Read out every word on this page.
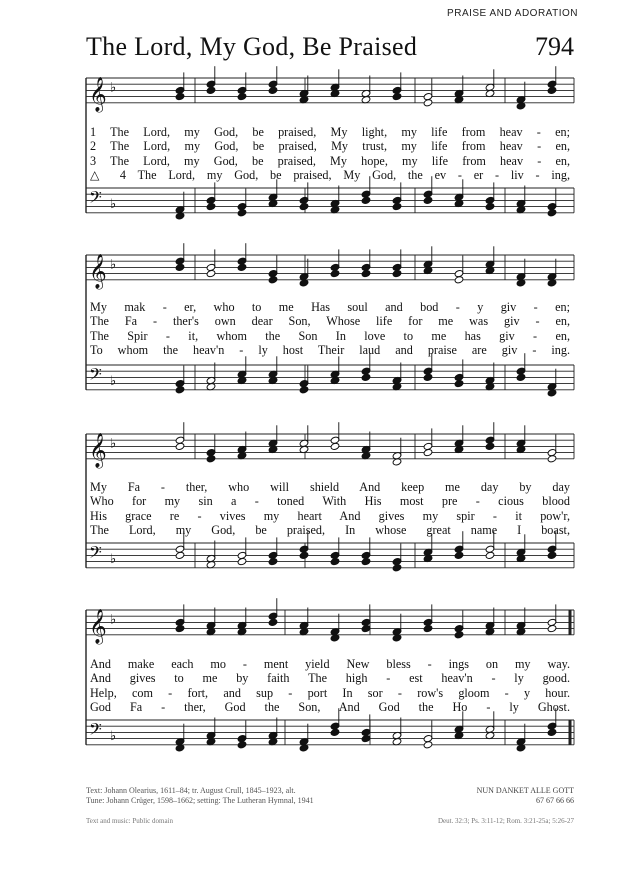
PRAISE AND ADORATION
The Lord, My God, Be Praised	794
𝄞 ♭
𝄢 ♭
𝄞 ♭
𝄢 ♭
𝄞 ♭
𝄢 ♭
𝄞 ♭
𝄢 ♭
1 The Lord, my God, be praised, My light, my life from heav - en;
2 The Lord, my God, be praised, My trust, my life from heav - en,
3 The Lord, my God, be praised, My hope, my life from heav - en,
△ 4 The Lord, my God, be praised, My God, the ev - er - liv - ing,
My mak - er, who to me Has soul and bod - y giv - en;
The Fa - ther's own dear Son, Whose life for me was giv - en,
The Spir - it, whom the Son In love to me has giv - en,
To whom the heav'n - ly host Their laud and praise are giv - ing.
My Fa - ther, who will shield And keep me day by day
Who for my sin a - toned With His most pre - cious blood
His grace re - vives my heart And gives my spir - it pow'r,
The Lord, my God, be praised, In whose great name I boast,
And make each mo - ment yield New bless - ings on my way.
And gives to me by faith The high - est heav'n - ly good.
Help, com - fort, and sup - port In sor - row's gloom - y hour.
God Fa - ther, God the Son, And God the Ho - ly Ghost.
Text: Johann Olearius, 1611–84; tr. August Crull, 1845–1923, alt.
Tune: Johann Crüger, 1598–1662; setting: The Lutheran Hymnal, 1941
NUN DANKET ALLE GOTT
67 67 66 66
Text and music: Public domain	Deut. 32:3; Ps. 3:11-12; Rom. 3:21-25a; 5:26-27
